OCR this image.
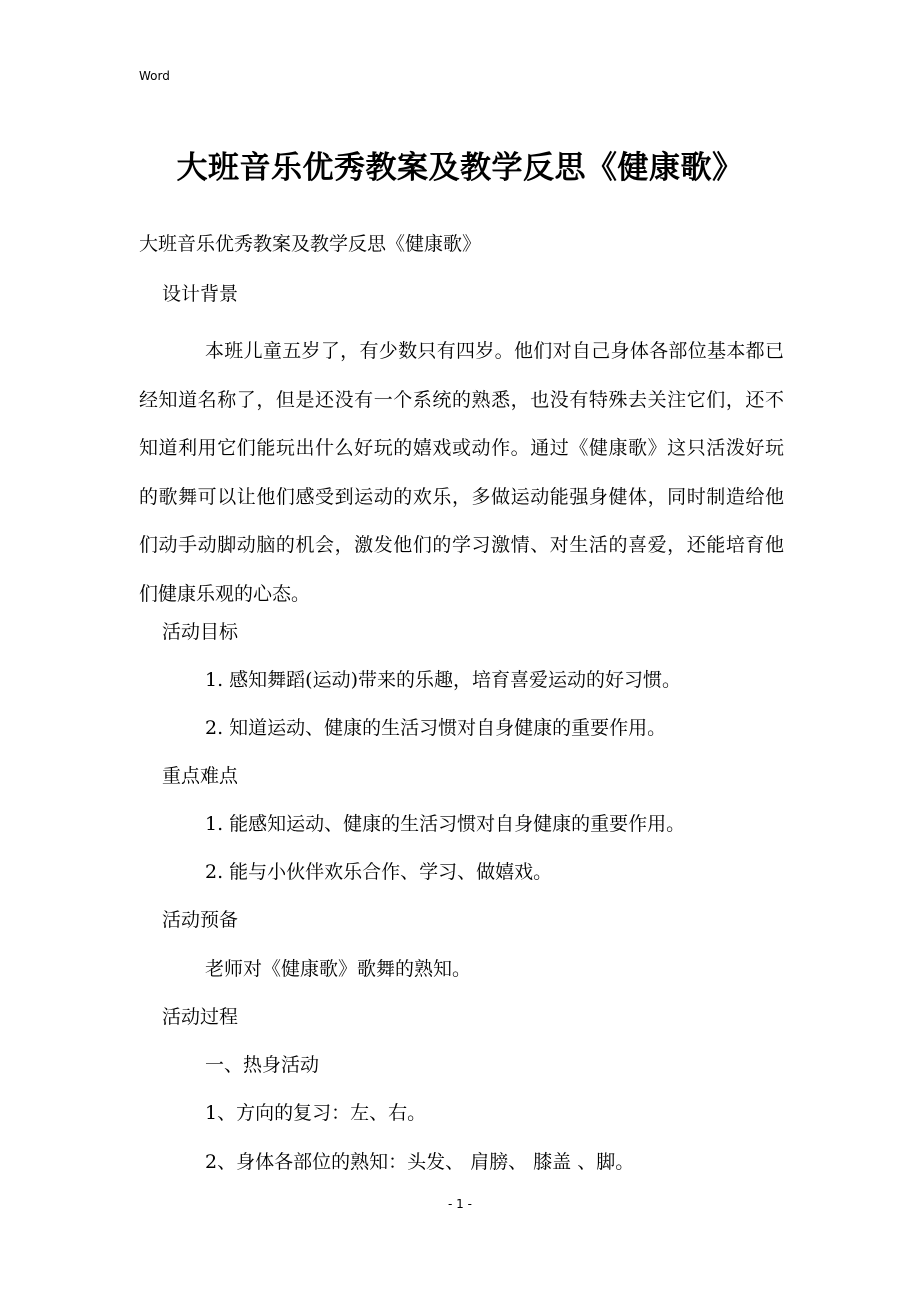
Word
大班音乐优秀教案及教学反思《健康歌》
大班音乐优秀教案及教学反思《健康歌》
设计背景
本班儿童五岁了，有少数只有四岁。他们对自己身体各部位基本都已经知道名称了，但是还没有一个系统的熟悉，也没有特殊去关注它们，还不知道利用它们能玩出什么好玩的嬉戏或动作。通过《健康歌》这只活泼好玩的歌舞可以让他们感受到运动的欢乐，多做运动能强身健体，同时制造给他们动手动脚动脑的机会，激发他们的学习激情、对生活的喜爱，还能培育他们健康乐观的心态。
活动目标
1. 感知舞蹈(运动)带来的乐趣，培育喜爱运动的好习惯。
2. 知道运动、健康的生活习惯对自身健康的重要作用。
重点难点
1. 能感知运动、健康的生活习惯对自身健康的重要作用。
2. 能与小伙伴欢乐合作、学习、做嬉戏。
活动预备
老师对《健康歌》歌舞的熟知。
活动过程
一、热身活动
1、方向的复习：左、右。
2、身体各部位的熟知：头发、 肩膀、 膝盖 、脚。
- 1 -
